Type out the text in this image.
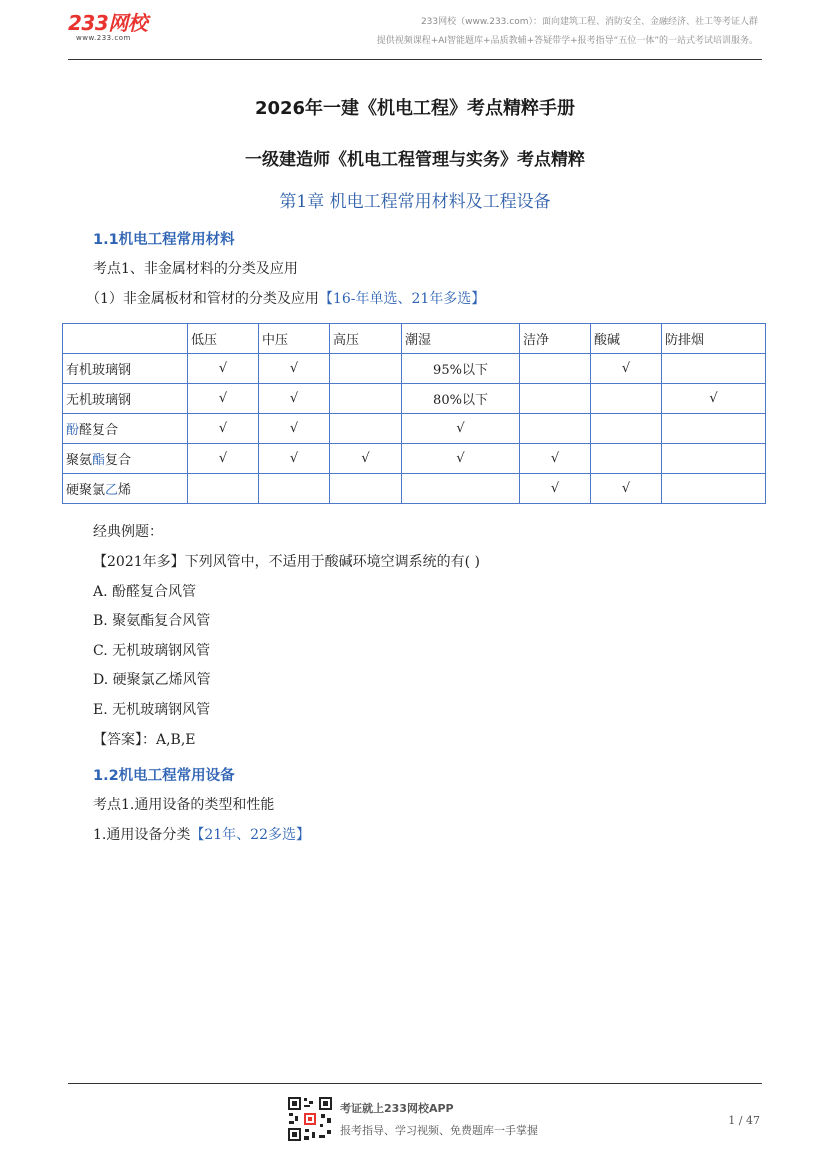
233网校
www.233.com
233网校（www.233.com）：面向建筑工程、消防安全、金融经济、社工等考证人群
提供视频课程+AI智能题库+品质教辅+答疑带学+报考指导“五位一体”的一站式考试培训服务。
2026年一建《机电工程》考点精粹手册
一级建造师《机电工程管理与实务》考点精粹
第1章 机电工程常用材料及工程设备
1.1机电工程常用材料
考点1、非金属材料的分类及应用
（1）非金属板材和管材的分类及应用【16-年单选、21年多选】
	低压	中压	高压	潮湿	洁净	酸碱	防排烟
有机玻璃钢	√	√		95%以下		√	
无机玻璃钢	√	√		80%以下			√
酚醛复合	√	√		√			
聚氨酯复合	√	√	√	√	√		
硬聚氯乙烯					√	√	
经典例题：
【2021年多】下列风管中，不适用于酸碱环境空调系统的有( )
A. 酚醛复合风管
B. 聚氨酯复合风管
C. 无机玻璃钢风管
D. 硬聚氯乙烯风管
E. 无机玻璃钢风管
【答案】：A,B,E
1.2机电工程常用设备
考点1.通用设备的类型和性能
1.通用设备分类【21年、22多选】
考证就上233网校APP
报考指导、学习视频、免费题库一手掌握
1 / 47
